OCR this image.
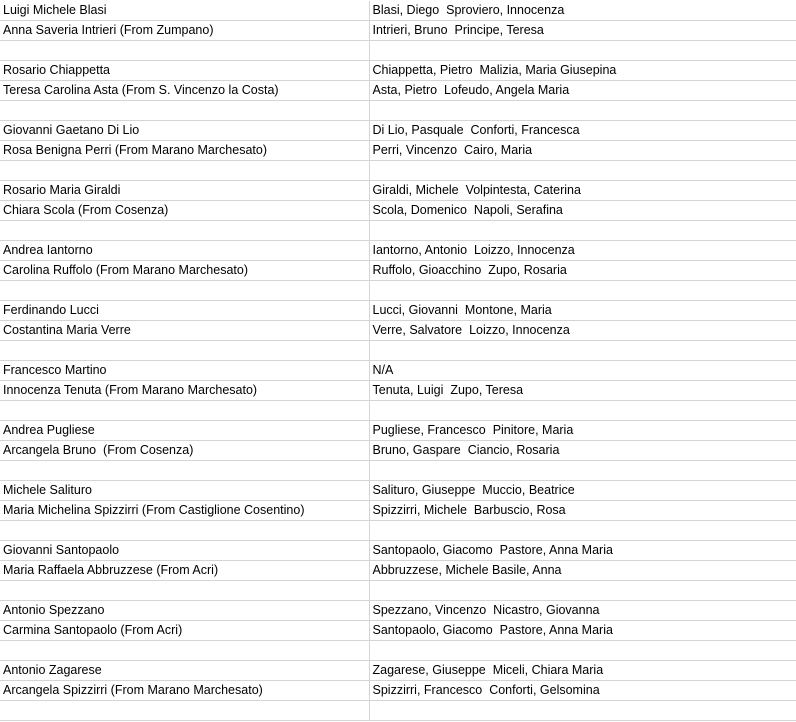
Luigi Michele Blasi	Blasi, Diego  Sproviero, Innocenza
Anna Saveria Intrieri (From Zumpano)	Intrieri, Bruno  Principe, Teresa

Rosario Chiappetta	Chiappetta, Pietro  Malizia, Maria Giusepina
Teresa Carolina Asta (From S. Vincenzo la Costa)	Asta, Pietro  Lofeudo, Angela Maria

Giovanni Gaetano Di Lio	Di Lio, Pasquale  Conforti, Francesca
Rosa Benigna Perri (From Marano Marchesato)	Perri, Vincenzo  Cairo, Maria

Rosario Maria Giraldi	Giraldi, Michele  Volpintesta, Caterina
Chiara Scola (From Cosenza)	Scola, Domenico  Napoli, Serafina

Andrea Iantorno	Iantorno, Antonio  Loizzo, Innocenza
Carolina Ruffolo (From Marano Marchesato)	Ruffolo, Gioacchino  Zupo, Rosaria

Ferdinando Lucci	Lucci, Giovanni  Montone, Maria
Costantina Maria Verre	Verre, Salvatore  Loizzo, Innocenza

Francesco Martino	N/A
Innocenza Tenuta (From Marano Marchesato)	Tenuta, Luigi  Zupo, Teresa

Andrea Pugliese	Pugliese, Francesco  Pinitore, Maria
Arcangela Bruno  (From Cosenza)	Bruno, Gaspare  Ciancio, Rosaria

Michele Salituro	Salituro, Giuseppe  Muccio, Beatrice
Maria Michelina Spizzirri (From Castiglione Cosentino)	Spizzirri, Michele  Barbuscio, Rosa

Giovanni Santopaolo	Santopaolo, Giacomo  Pastore, Anna Maria
Maria Raffaela Abbruzzese (From Acri)	Abbruzzese, Michele Basile, Anna

Antonio Spezzano	Spezzano, Vincenzo  Nicastro, Giovanna
Carmina Santopaolo (From Acri)	Santopaolo, Giacomo  Pastore, Anna Maria

Antonio Zagarese	Zagarese, Giuseppe  Miceli, Chiara Maria
Arcangela Spizzirri (From Marano Marchesato)	Spizzirri, Francesco  Conforti, Gelsomina
